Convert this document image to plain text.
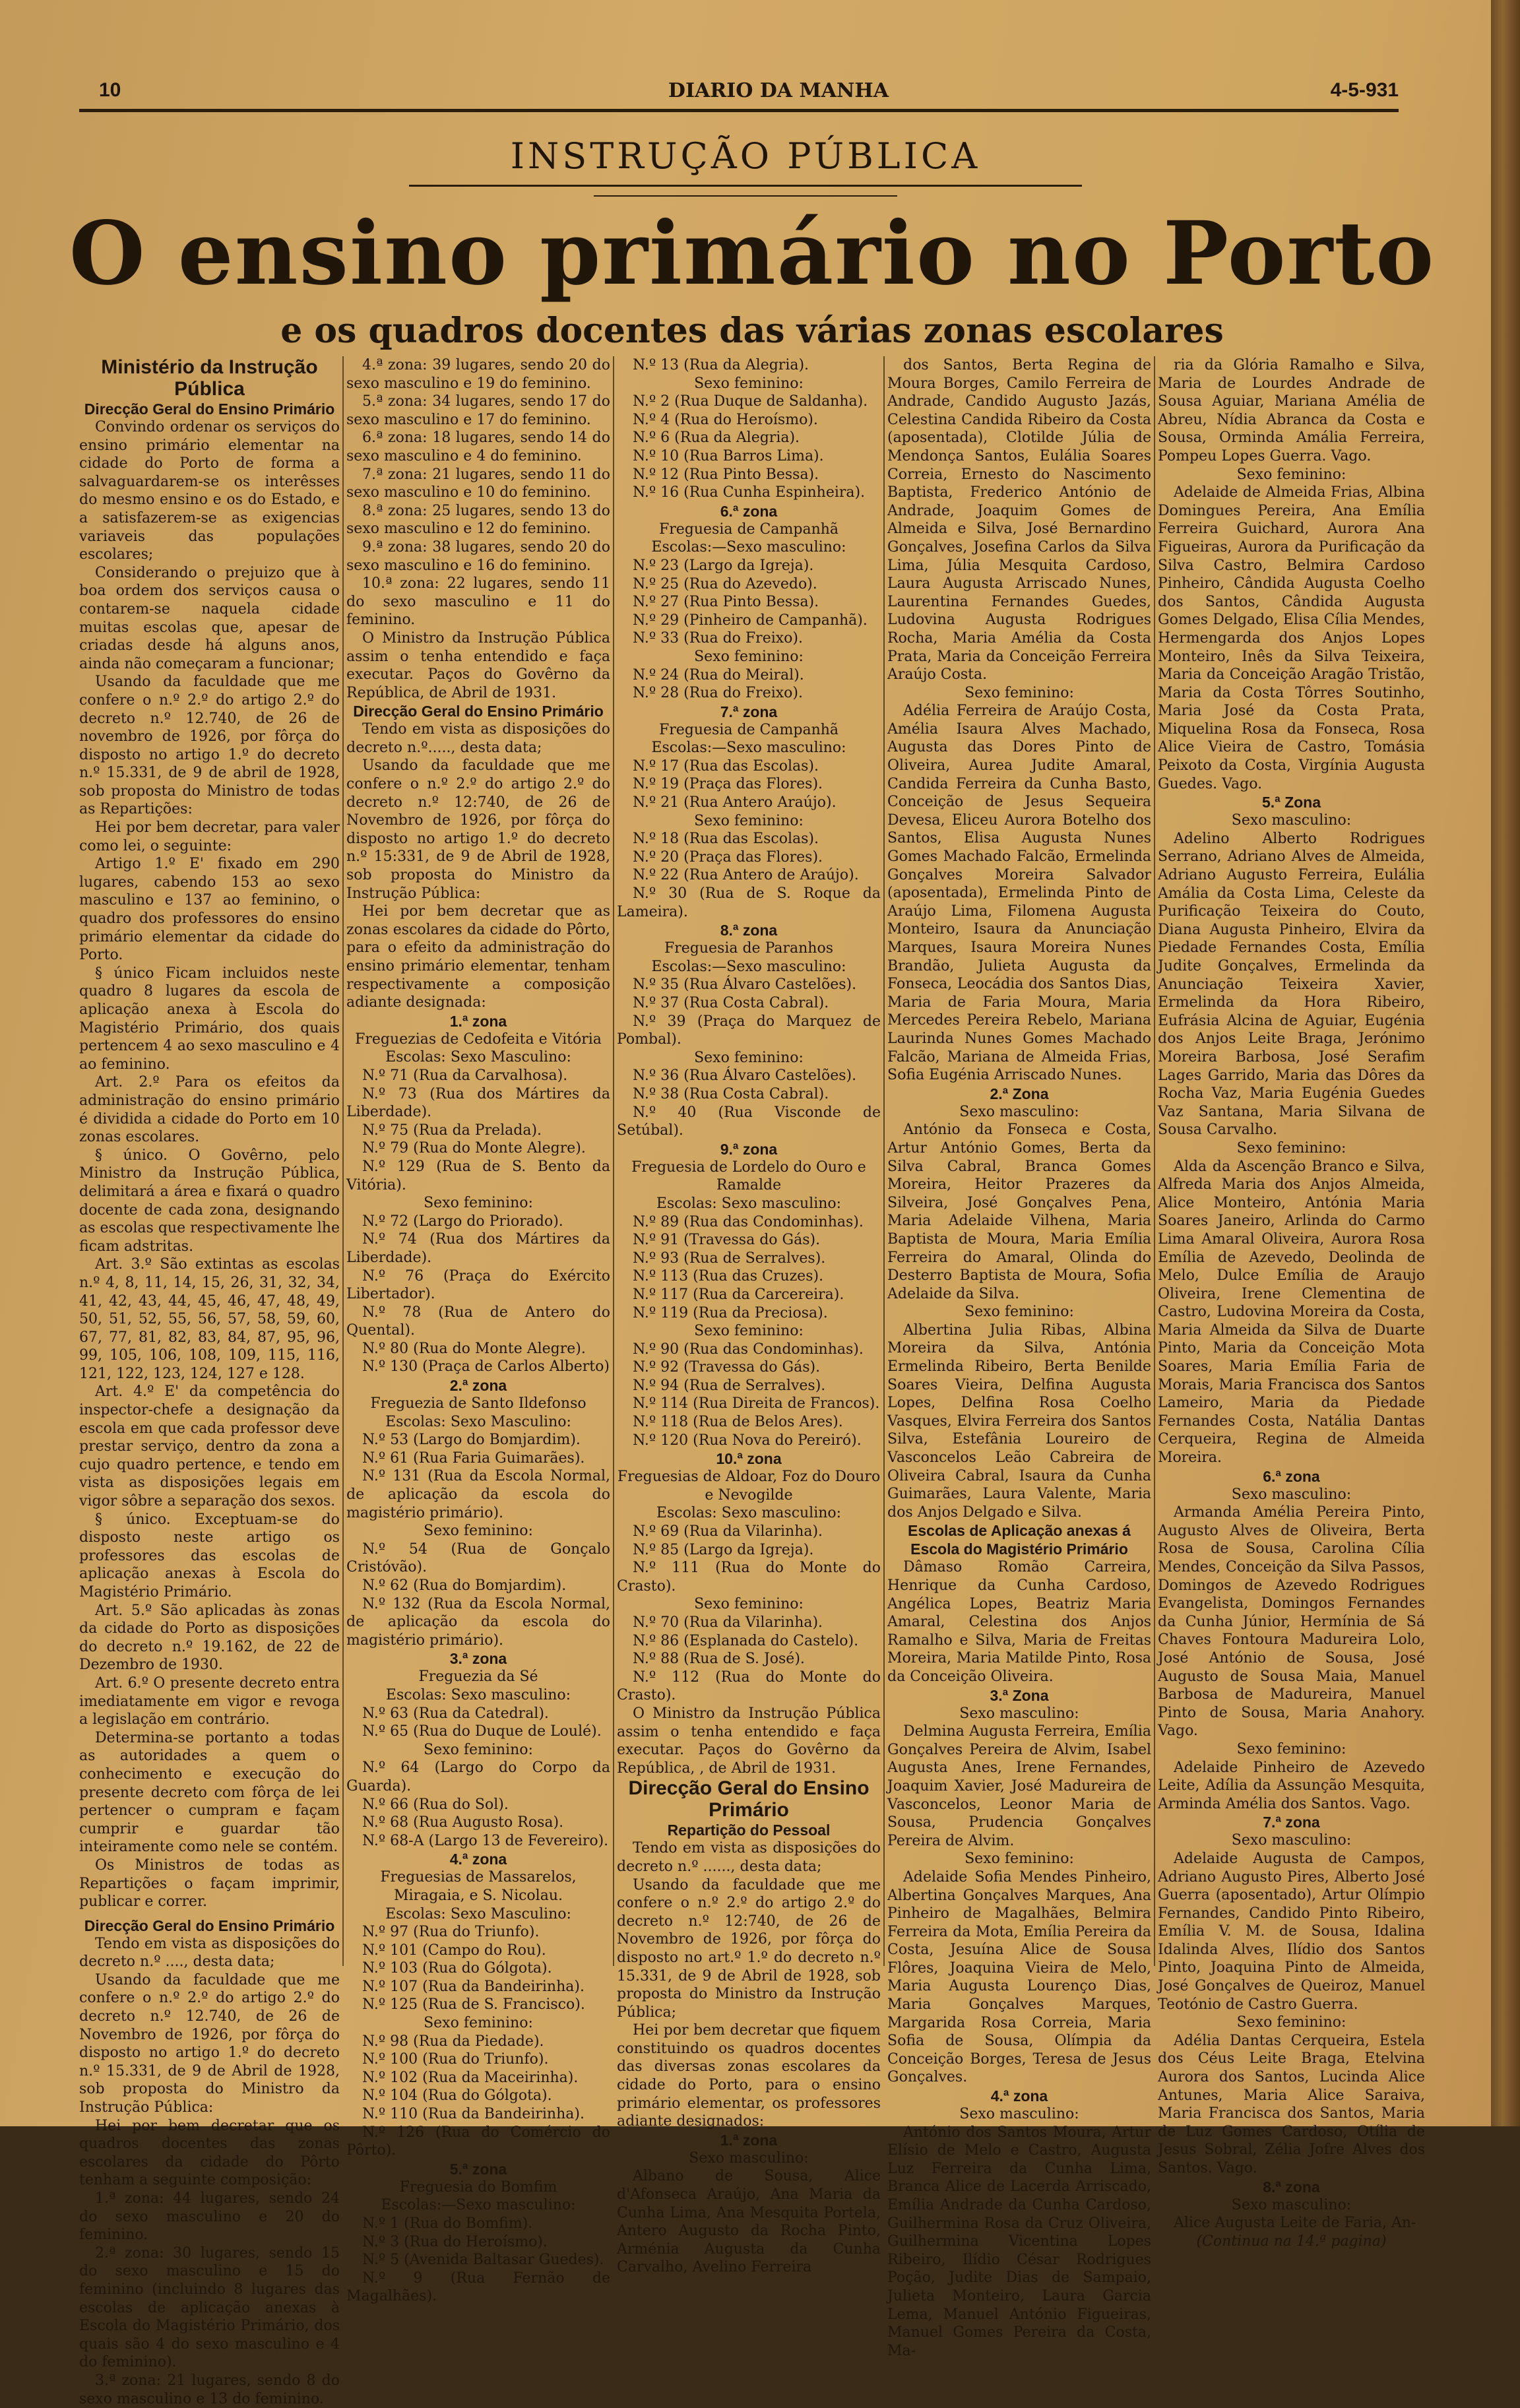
10	DIARIO DA MANHA	4-5-931
INSTRUÇÃO PÚBLICA
O ensino primário no Porto
e os quadros docentes das várias zonas escolares

Ministério da Instrução Pública

Direcção Geral do Ensino Primário

Convindo ordenar os serviços do ensino primário elementar na cidade do Porto de forma a salvaguardarem-se os interêsses do mesmo ensino e os do Estado, e a satisfazerem-se as exigencias variaveis das populações escolares;

Considerando o prejuizo que à boa ordem dos serviços causa o contarem-se naquela cidade muitas escolas que, apesar de criadas desde há alguns anos, ainda não começaram a funcionar;

Usando da faculdade que me confere o n.º 2.º do artigo 2.º do decreto n.º 12.740, de 26 de novembro de 1926, por fôrça do disposto no artigo 1.º do decreto n.º 15.331, de 9 de abril de 1928, sob proposta do Ministro de todas as Repartições:

Hei por bem decretar, para valer como lei, o seguinte:

Artigo 1.º E' fixado em 290 lugares, cabendo 153 ao sexo masculino e 137 ao feminino, o quadro dos professores do ensino primário elementar da cidade do Porto.

§ único Ficam incluidos neste quadro 8 lugares da escola de aplicação anexa à Escola do Magistério Primário, dos quais pertencem 4 ao sexo masculino e 4 ao feminino.

Art. 2.º Para os efeitos da administração do ensino primário é dividida a cidade do Porto em 10 zonas escolares.

§ único. O Govêrno, pelo Ministro da Instrução Pública, delimitará a área e fixará o quadro docente de cada zona, designando as escolas que respectivamente lhe ficam adstritas.

Art. 3.º São extintas as escolas n.º 4, 8, 11, 14, 15, 26, 31, 32, 34, 41, 42, 43, 44, 45, 46, 47, 48, 49, 50, 51, 52, 55, 56, 57, 58, 59, 60, 67, 77, 81, 82, 83, 84, 87, 95, 96, 99, 105, 106, 108, 109, 115, 116, 121, 122, 123, 124, 127 e 128.

Art. 4.º E' da competência do inspector-chefe a designação da escola em que cada professor deve prestar serviço, dentro da zona a cujo quadro pertence, e tendo em vista as disposições legais em vigor sôbre a separação dos sexos.

§ único. Exceptuam-se do disposto neste artigo os professores das escolas de aplicação anexas à Escola do Magistério Primário.

Art. 5.º São aplicadas às zonas da cidade do Porto as disposições do decreto n.º 19.162, de 22 de Dezembro de 1930.

Art. 6.º O presente decreto entra imediatamente em vigor e revoga a legislação em contrário.

Determina-se portanto a todas as autoridades a quem o conhecimento e execução do presente decreto com fôrça de lei pertencer o cumpram e façam cumprir e guardar tão inteiramente como nele se contém.

Os Ministros de todas as Repartições o façam imprimir, publicar e correr.

Direcção Geral do Ensino Primário

Tendo em vista as disposições do decreto n.º ...., desta data;

Usando da faculdade que me confere o n.º 2.º do artigo 2.º do decreto n.º 12.740, de 26 de Novembro de 1926, por fôrça do disposto no artigo 1.º do decreto n.º 15.331, de 9 de Abril de 1928, sob proposta do Ministro da Instrução Pública:

Hei por bem decretar que os quadros docentes das zonas escolares da cidade do Pôrto tenham a seguinte composição:

1.ª zona: 44 lugares, sendo 24 do sexo masculino e 20 do feminino.

2.ª zona: 30 lugares, sendo 15 do sexo masculino e 15 do feminino (incluindo 8 lugares das escolas de aplicação anexas à Escola do Magistério Primário, dos quais são 4 do sexo masculino e 4 do feminino).

3.ª zona: 21 lugares, sendo 8 do sexo masculino e 13 do feminino.

4.ª zona: 39 lugares, sendo 20 do sexo masculino e 19 do feminino.

5.ª zona: 34 lugares, sendo 17 do sexo masculino e 17 do feminino.

6.ª zona: 18 lugares, sendo 14 do sexo masculino e 4 do feminino.

7.ª zona: 21 lugares, sendo 11 do sexo masculino e 10 do feminino.

8.ª zona: 25 lugares, sendo 13 do sexo masculino e 12 do feminino.

9.ª zona: 38 lugares, sendo 20 do sexo masculino e 16 do feminino.

10.ª zona: 22 lugares, sendo 11 do sexo masculino e 11 do feminino.

O Ministro da Instrução Pública assim o tenha entendido e faça executar. Paços do Govêrno da República, de Abril de 1931.

Direcção Geral do Ensino Primário

Tendo em vista as disposições do decreto n.º....., desta data;

Usando da faculdade que me confere o n.º 2.º do artigo 2.º do decreto n.º 12:740, de 26 de Novembro de 1926, por fôrça do disposto no artigo 1.º do decreto n.º 15:331, de 9 de Abril de 1928, sob proposta do Ministro da Instrução Pública:

Hei por bem decretar que as zonas escolares da cidade do Pôrto, para o efeito da administração do ensino primário elementar, tenham respectivamente a composição adiante designada:

1.ª zona

Freguezias de Cedofeita e Vitória

Escolas: Sexo Masculino:

N.º 71 (Rua da Carvalhosa).

N.º 73 (Rua dos Mártires da Liberdade).

N.º 75 (Rua da Prelada).

N.º 79 (Rua do Monte Alegre).

N.º 129 (Rua de S. Bento da Vitória).

Sexo feminino:

N.º 72 (Largo do Priorado).

N.º 74 (Rua dos Mártires da Liberdade).

N.º 76 (Praça do Exército Libertador).

N.º 78 (Rua de Antero do Quental).

N.º 80 (Rua do Monte Alegre).

N.º 130 (Praça de Carlos Alberto)

2.ª zona

Freguezia de Santo Ildefonso

Escolas: Sexo Masculino:

N.º 53 (Largo do Bomjardim).

N.º 61 (Rua Faria Guimarães).

N.º 131 (Rua da Escola Normal, de aplicação da escola do magistério primário).

Sexo feminino:

N.º 54 (Rua de Gonçalo Cristóvão).

N.º 62 (Rua do Bomjardim).

N.º 132 (Rua da Escola Normal, de aplicação da escola do magistério primário).

3.ª zona

Freguezia da Sé

Escolas: Sexo masculino:

N.º 63 (Rua da Catedral).

N.º 65 (Rua do Duque de Loulé).

Sexo feminino:

N.º 64 (Largo do Corpo da Guarda).

N.º 66 (Rua do Sol).

N.º 68 (Rua Augusto Rosa).

N.º 68-A (Largo 13 de Fevereiro).

4.ª zona

Freguesias de Massarelos, Miragaia, e S. Nicolau.

Escolas: Sexo Masculino:

N.º 97 (Rua do Triunfo).

N.º 101 (Campo do Rou).

N.º 103 (Rua do Gólgota).

N.º 107 (Rua da Bandeirinha).

N.º 125 (Rua de S. Francisco).

Sexo feminino:

N.º 98 (Rua da Piedade).

N.º 100 (Rua do Triunfo).

N.º 102 (Rua da Maceirinha).

N.º 104 (Rua do Gólgota).

N.º 110 (Rua da Bandeirinha).

N.º 126 (Rua do Comércio do Pôrto).

5.ª zona

Freguesia do Bomfim

Escolas:—Sexo masculino:

N.º 1 (Rua do Bomfim).

N.º 3 (Rua do Heroísmo).

N.º 5 (Avenida Baltasar Guedes).

N.º 9 (Rua Fernão de Magalhães).

N.º 13 (Rua da Alegria).

Sexo feminino:

N.º 2 (Rua Duque de Saldanha).

N.º 4 (Rua do Heroísmo).

N.º 6 (Rua da Alegria).

N.º 10 (Rua Barros Lima).

N.º 12 (Rua Pinto Bessa).

N.º 16 (Rua Cunha Espinheira).

6.ª zona

Freguesia de Campanhã

Escolas:—Sexo masculino:

N.º 23 (Largo da Igreja).

N.º 25 (Rua do Azevedo).

N.º 27 (Rua Pinto Bessa).

N.º 29 (Pinheiro de Campanhã).

N.º 33 (Rua do Freixo).

Sexo feminino:

N.º 24 (Rua do Meiral).

N.º 28 (Rua do Freixo).

7.ª zona

Freguesia de Campanhã

Escolas:—Sexo masculino:

N.º 17 (Rua das Escolas).

N.º 19 (Praça das Flores).

N.º 21 (Rua Antero Araújo).

Sexo feminino:

N.º 18 (Rua das Escolas).

N.º 20 (Praça das Flores).

N.º 22 (Rua Antero de Araújo).

N.º 30 (Rua de S. Roque da Lameira).

8.ª zona

Freguesia de Paranhos

Escolas:—Sexo masculino:

N.º 35 (Rua Álvaro Castelões).

N.º 37 (Rua Costa Cabral).

N.º 39 (Praça do Marquez de Pombal).

Sexo feminino:

N.º 36 (Rua Álvaro Castelões).

N.º 38 (Rua Costa Cabral).

N.º 40 (Rua Visconde de Setúbal).

9.ª zona

Freguesia de Lordelo do Ouro e Ramalde

Escolas: Sexo masculino:

N.º 89 (Rua das Condominhas).

N.º 91 (Travessa do Gás).

N.º 93 (Rua de Serralves).

N.º 113 (Rua das Cruzes).

N.º 117 (Rua da Carcereira).

N.º 119 (Rua da Preciosa).

Sexo feminino:

N.º 90 (Rua das Condominhas).

N.º 92 (Travessa do Gás).

N.º 94 (Rua de Serralves).

N.º 114 (Rua Direita de Francos).

N.º 118 (Rua de Belos Ares).

N.º 120 (Rua Nova do Pereiró).

10.ª zona

Freguesias de Aldoar, Foz do Douro e Nevogilde

Escolas: Sexo masculino:

N.º 69 (Rua da Vilarinha).

N.º 85 (Largo da Igreja).

N.º 111 (Rua do Monte do Crasto).

Sexo feminino:

N.º 70 (Rua da Vilarinha).

N.º 86 (Esplanada do Castelo).

N.º 88 (Rua de S. José).

N.º 112 (Rua do Monte do Crasto).

O Ministro da Instrução Pública assim o tenha entendido e faça executar. Paços do Govêrno da República, , de Abril de 1931.

Direcção Geral do Ensino Primário

Repartição do Pessoal

Tendo em vista as disposições do decreto n.º ......, desta data;

Usando da faculdade que me confere o n.º 2.º do artigo 2.º do decreto n.º 12:740, de 26 de Novembro de 1926, por fôrça do disposto no art.º 1.º do decreto n.º 15.331, de 9 de Abril de 1928, sob proposta do Ministro da Instrução Pública;

Hei por bem decretar que fiquem constituindo os quadros docentes das diversas zonas escolares da cidade do Porto, para o ensino primário elementar, os professores adiante designados:

1.ª zona

Sexo masculino:

Albano de Sousa, Alice d'Afonseca Araújo, Ana Maria da Cunha Lima, Ana Mesquita Portela, Antero Augusto da Rocha Pinto, Arménia Augusta da Cunha Carvalho, Avelino Ferreira

dos Santos, Berta Regina de Moura Borges, Camilo Ferreira de Andrade, Candido Augusto Jazás, Celestina Candida Ribeiro da Costa (aposentada), Clotilde Júlia de Mendonça Santos, Eulália Soares Correia, Ernesto do Nascimento Baptista, Frederico António de Andrade, Joaquim Gomes de Almeida e Silva, José Bernardino Gonçalves, Josefina Carlos da Silva Lima, Júlia Mesquita Cardoso, Laura Augusta Arriscado Nunes, Laurentina Fernandes Guedes, Ludovina Augusta Rodrigues Rocha, Maria Amélia da Costa Prata, Maria da Conceição Ferreira Araújo Costa.

Sexo feminino:

Adélia Ferreira de Araújo Costa, Amélia Isaura Alves Machado, Augusta das Dores Pinto de Oliveira, Aurea Judite Amaral, Candida Ferreira da Cunha Basto, Conceição de Jesus Sequeira Devesa, Eliceu Aurora Botelho dos Santos, Elisa Augusta Nunes Gomes Machado Falcão, Ermelinda Gonçalves Moreira Salvador (aposentada), Ermelinda Pinto de Araújo Lima, Filomena Augusta Monteiro, Isaura da Anunciação Marques, Isaura Moreira Nunes Brandão, Julieta Augusta da Fonseca, Leocádia dos Santos Dias, Maria de Faria Moura, Maria Mercedes Pereira Rebelo, Mariana Laurinda Nunes Gomes Machado Falcão, Mariana de Almeida Frias, Sofia Eugénia Arriscado Nunes.

2.ª Zona

Sexo masculino:

António da Fonseca e Costa, Artur António Gomes, Berta da Silva Cabral, Branca Gomes Moreira, Heitor Prazeres da Silveira, José Gonçalves Pena, Maria Adelaide Vilhena, Maria Baptista de Moura, Maria Emília Ferreira do Amaral, Olinda do Desterro Baptista de Moura, Sofia Adelaide da Silva.

Sexo feminino:

Albertina Julia Ribas, Albina Moreira da Silva, Antónia Ermelinda Ribeiro, Berta Benilde Soares Vieira, Delfina Augusta Lopes, Delfina Rosa Coelho Vasques, Elvira Ferreira dos Santos Silva, Estefânia Loureiro de Vasconcelos Leão Cabreira de Oliveira Cabral, Isaura da Cunha Guimarães, Laura Valente, Maria dos Anjos Delgado e Silva.

Escolas de Aplicação anexas á Escola do Magistério Primário

Dâmaso Romão Carreira, Henrique da Cunha Cardoso, Angélica Lopes, Beatriz Maria Amaral, Celestina dos Anjos Ramalho e Silva, Maria de Freitas Moreira, Maria Matilde Pinto, Rosa da Conceição Oliveira.

3.ª Zona

Sexo masculino:

Delmina Augusta Ferreira, Emília Gonçalves Pereira de Alvim, Isabel Augusta Anes, Irene Fernandes, Joaquim Xavier, José Madureira de Vasconcelos, Leonor Maria de Sousa, Prudencia Gonçalves Pereira de Alvim.

Sexo feminino:

Adelaide Sofia Mendes Pinheiro, Albertina Gonçalves Marques, Ana Pinheiro de Magalhães, Belmira Ferreira da Mota, Emília Pereira da Costa, Jesuína Alice de Sousa Flôres, Joaquina Vieira de Melo, Maria Augusta Lourenço Dias, Maria Gonçalves Marques, Margarida Rosa Correia, Maria Sofia de Sousa, Olímpia da Conceição Borges, Teresa de Jesus Gonçalves.

4.ª zona

Sexo masculino:

António dos Santos Moura, Artur Elísio de Melo e Castro, Augusta Luz Ferreira da Cunha Lima, Branca Alice de Lacerda Arriscado, Emília Andrade da Cunha Cardoso, Guilhermina Rosa da Cruz Oliveira, Guilhermina Vicentina Lopes Ribeiro, Ilídio César Rodrigues Poção, Judite Dias de Sampaio, Julieta Monteiro, Laura Garcia Lema, Manuel António Figueiras, Manuel Gomes Pereira da Costa, Ma-

ria da Glória Ramalho e Silva, Maria de Lourdes Andrade de Sousa Aguiar, Mariana Amélia de Abreu, Nídia Abranca da Costa e Sousa, Orminda Amália Ferreira, Pompeu Lopes Guerra. Vago.

Sexo feminino:

Adelaide de Almeida Frias, Albina Domingues Pereira, Ana Emília Ferreira Guichard, Aurora Ana Figueiras, Aurora da Purificação da Silva Castro, Belmira Cardoso Pinheiro, Cândida Augusta Coelho dos Santos, Cândida Augusta Gomes Delgado, Elisa Cília Mendes, Hermengarda dos Anjos Lopes Monteiro, Inês da Silva Teixeira, Maria da Conceição Aragão Tristão, Maria da Costa Tôrres Soutinho, Maria José da Costa Prata, Miquelina Rosa da Fonseca, Rosa Alice Vieira de Castro, Tomásia Peixoto da Costa, Virgínia Augusta Guedes. Vago.

5.ª Zona

Sexo masculino:

Adelino Alberto Rodrigues Serrano, Adriano Alves de Almeida, Adriano Augusto Ferreira, Eulália Amália da Costa Lima, Celeste da Purificação Teixeira do Couto, Diana Augusta Pinheiro, Elvira da Piedade Fernandes Costa, Emília Judite Gonçalves, Ermelinda da Anunciação Teixeira Xavier, Ermelinda da Hora Ribeiro, Eufrásia Alcina de Aguiar, Eugénia dos Anjos Leite Braga, Jerónimo Moreira Barbosa, José Serafim Lages Garrido, Maria das Dôres da Rocha Vaz, Maria Eugénia Guedes Vaz Santana, Maria Silvana de Sousa Carvalho.

Sexo feminino:

Alda da Ascenção Branco e Silva, Alfreda Maria dos Anjos Almeida, Alice Monteiro, Antónia Maria Soares Janeiro, Arlinda do Carmo Lima Amaral Oliveira, Aurora Rosa Emília de Azevedo, Deolinda de Melo, Dulce Emília de Araujo Oliveira, Irene Clementina de Castro, Ludovina Moreira da Costa, Maria Almeida da Silva de Duarte Pinto, Maria da Conceição Mota Soares, Maria Emília Faria de Morais, Maria Francisca dos Santos Lameiro, Maria da Piedade Fernandes Costa, Natália Dantas Cerqueira, Regina de Almeida Moreira.

6.ª zona

Sexo masculino:

Armanda Amélia Pereira Pinto, Augusto Alves de Oliveira, Berta Rosa de Sousa, Carolina Cília Mendes, Conceição da Silva Passos, Domingos de Azevedo Rodrigues Evangelista, Domingos Fernandes da Cunha Júnior, Hermínia de Sá Chaves Fontoura Madureira Lolo, José António de Sousa, José Augusto de Sousa Maia, Manuel Barbosa de Madureira, Manuel Pinto de Sousa, Maria Anahory. Vago.

Sexo feminino:

Adelaide Pinheiro de Azevedo Leite, Adília da Assunção Mesquita, Arminda Amélia dos Santos. Vago.

7.ª zona

Sexo masculino:

Adelaide Augusta de Campos, Adriano Augusto Pires, Alberto José Guerra (aposentado), Artur Olímpio Fernandes, Candido Pinto Ribeiro, Emília V. M. de Sousa, Idalina Idalinda Alves, Ilídio dos Santos Pinto, Joaquina Pinto de Almeida, José Gonçalves de Queiroz, Manuel Teotónio de Castro Guerra.

Sexo feminino:

Adélia Dantas Cerqueira, Estela dos Céus Leite Braga, Etelvina Aurora dos Santos, Lucinda Alice Antunes, Maria Alice Saraiva, Maria Francisca dos Santos, Maria de Luz Gomes Cardoso, Otília de Jesus Sobral, Zélia Jofre Alves dos Santos. Vago.

8.ª zona

Sexo masculino:

Alice Augusta Leite de Faria, An-

(Continua na 14.ª pagina)
